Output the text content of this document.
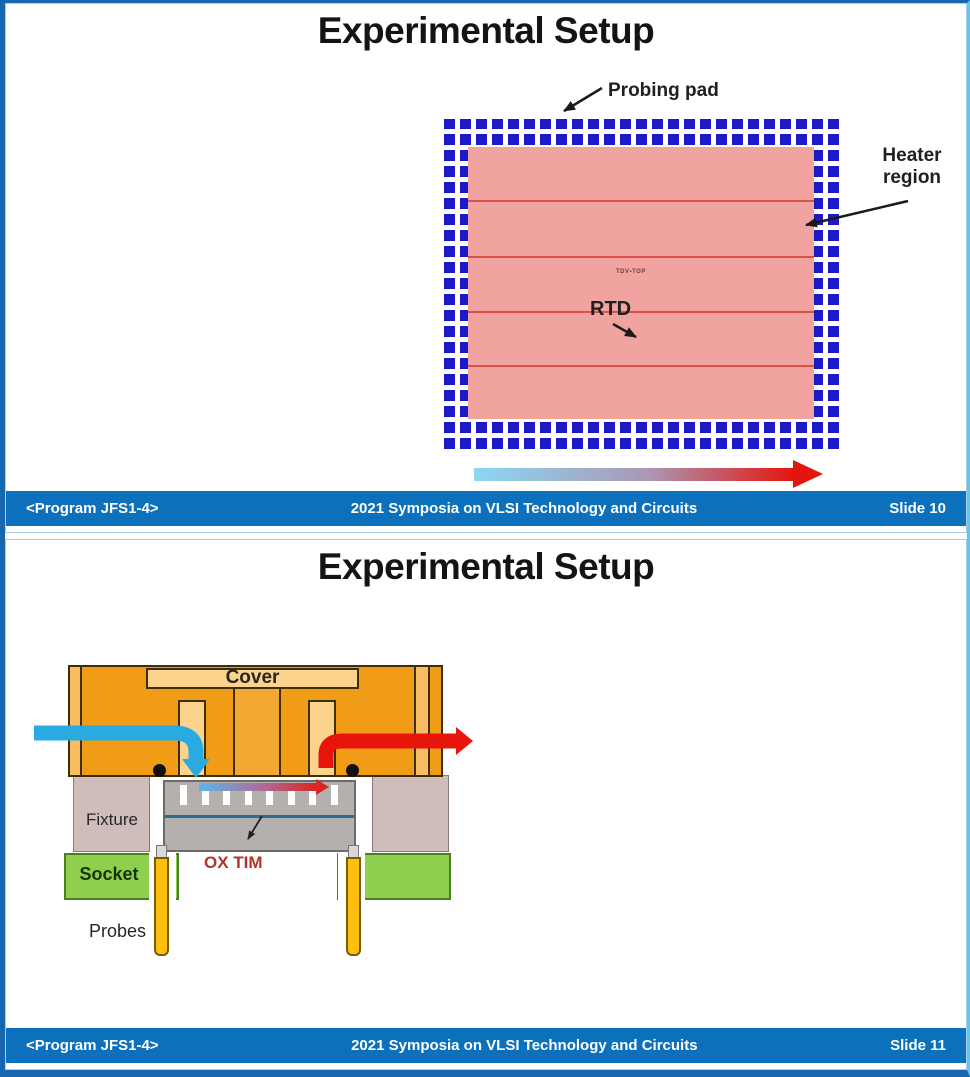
Experimental Setup
TDV▪TOP
Probing pad
Heater region
RTD
<Program JFS1-4>	2021 Symposia on VLSI Technology and Circuits	Slide 10
Experimental Setup
Cover
Fixture
Socket
Probes
OX TIM
<Program JFS1-4>	2021 Symposia on VLSI Technology and Circuits	Slide 11
